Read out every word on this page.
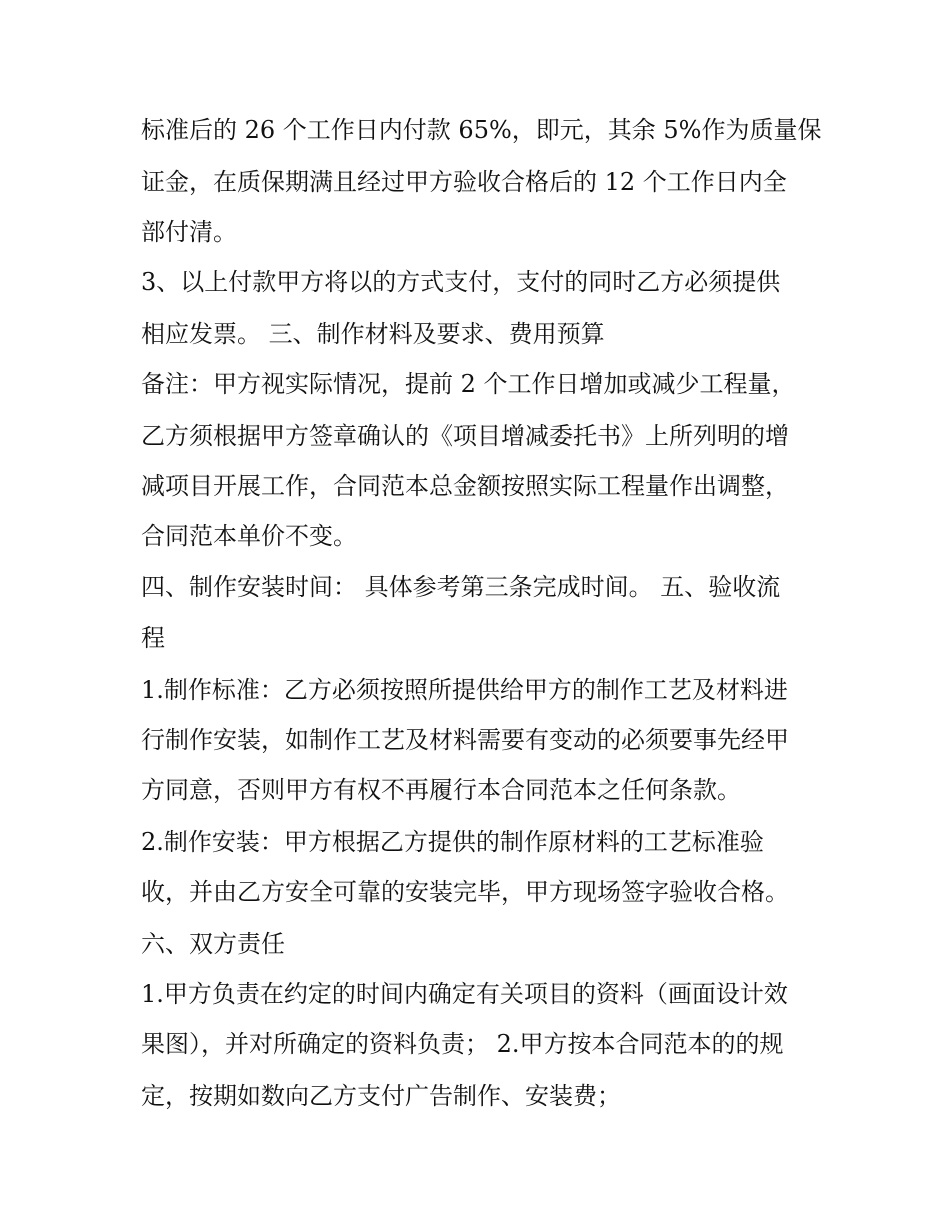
标准后的 26 个工作日内付款 65%，即元，其余 5%作为质量保

证金，在质保期满且经过甲方验收合格后的 12 个工作日内全

部付清。

3、以上付款甲方将以的方式支付，支付的同时乙方必须提供

相应发票。 三、制作材料及要求、费用预算

备注：甲方视实际情况，提前 2 个工作日增加或减少工程量，

乙方须根据甲方签章确认的《项目增减委托书》上所列明的增

减项目开展工作，合同范本总金额按照实际工程量作出调整，

合同范本单价不变。

四、制作安装时间： 具体参考第三条完成时间。 五、验收流

程

1.制作标准：乙方必须按照所提供给甲方的制作工艺及材料进

行制作安装，如制作工艺及材料需要有变动的必须要事先经甲

方同意，否则甲方有权不再履行本合同范本之任何条款。

2.制作安装：甲方根据乙方提供的制作原材料的工艺标准验

收，并由乙方安全可靠的安装完毕，甲方现场签字验收合格。

六、双方责任

1.甲方负责在约定的时间内确定有关项目的资料（画面设计效

果图），并对所确定的资料负责； 2.甲方按本合同范本的的规

定，按期如数向乙方支付广告制作、安装费；
